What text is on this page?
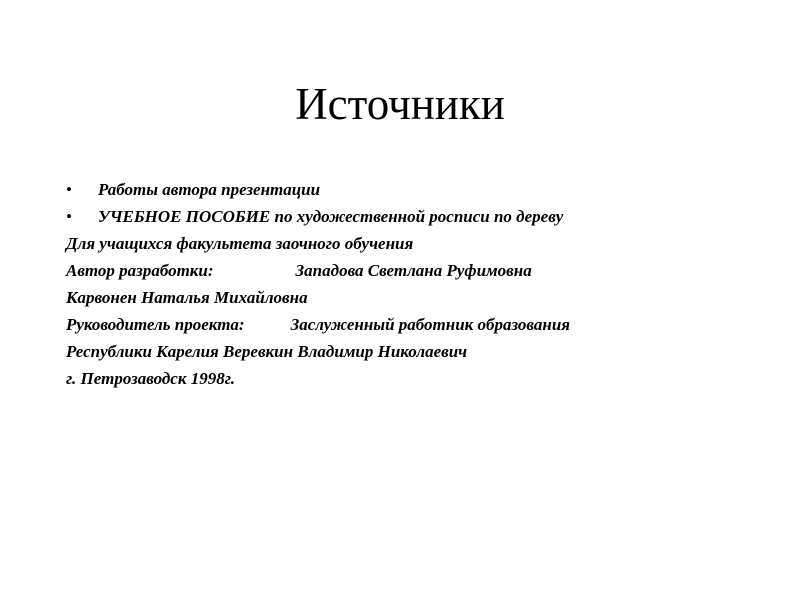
Источники
• Работы автора презентации
• УЧЕБНОЕ ПОСОБИЕ по художественной росписи по дереву
Для учащихся факультета заочного обучения
Автор разработки:	Западова Светлана Руфимовна
Карвонен Наталья Михайловна
Руководитель проекта:	Заслуженный работник образования
Республики Карелия Веревкин Владимир Николаевич
г. Петрозаводск 1998г.
